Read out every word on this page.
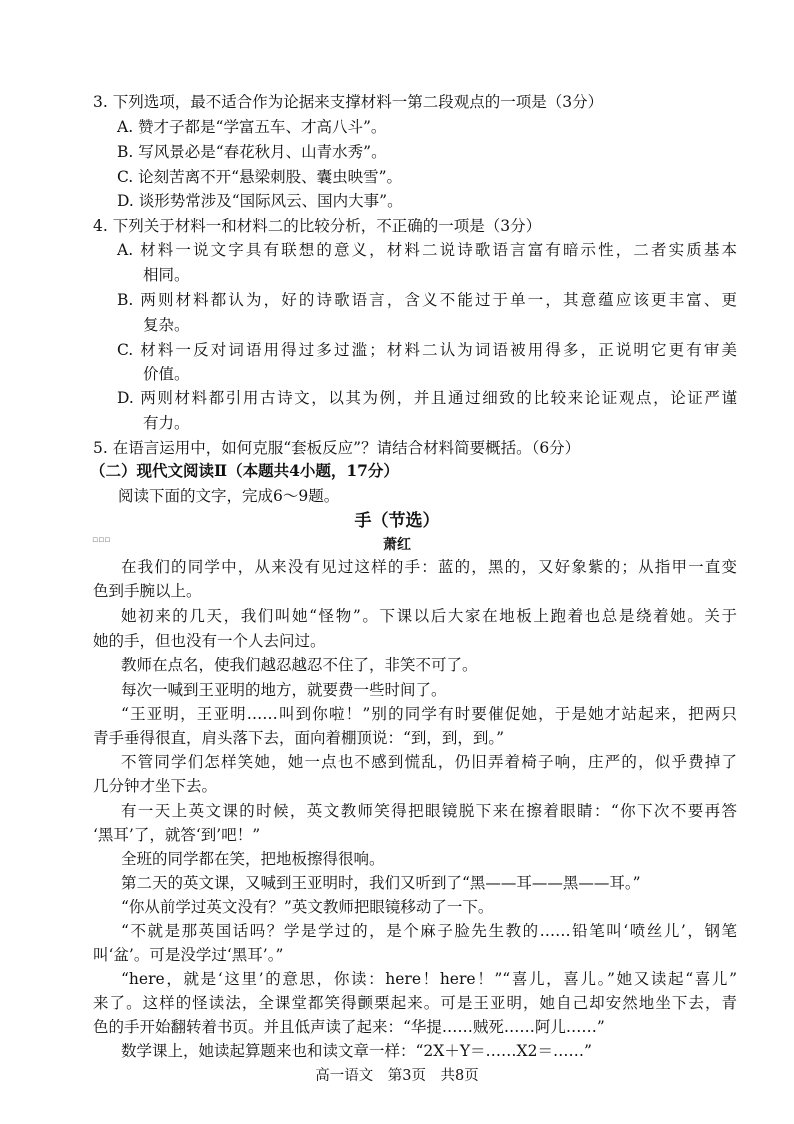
3. 下列选项，最不适合作为论据来支撑材料一第二段观点的一项是（3分）
A. 赞才子都是“学富五车、才高八斗”。
B. 写风景必是“春花秋月、山青水秀”。
C. 论刻苦离不开“悬梁刺股、囊虫映雪”。
D. 谈形势常涉及“国际风云、国内大事”。
4. 下列关于材料一和材料二的比较分析，不正确的一项是（3分）
A. 材料一说文字具有联想的意义，材料二说诗歌语言富有暗示性，二者实质基本
相同。
B. 两则材料都认为，好的诗歌语言，含义不能过于单一，其意蕴应该更丰富、更
复杂。
C. 材料一反对词语用得过多过滥；材料二认为词语被用得多，正说明它更有审美
价值。
D. 两则材料都引用古诗文，以其为例，并且通过细致的比较来论证观点，论证严谨
有力。
5. 在语言运用中，如何克服“套板反应”？请结合材料简要概括。（6分）
（二）现代文阅读Ⅱ（本题共4小题，17分）
阅读下面的文字，完成6～9题。
手（节选）
萧红
▫▫▫
在我们的同学中，从来没有见过这样的手：蓝的，黑的，又好象紫的；从指甲一直变
色到手腕以上。
她初来的几天，我们叫她“怪物”。下课以后大家在地板上跑着也总是绕着她。关于
她的手，但也没有一个人去问过。
教师在点名，使我们越忍越忍不住了，非笑不可了。
每次一喊到王亚明的地方，就要费一些时间了。
“王亚明，王亚明……叫到你啦！”别的同学有时要催促她，于是她才站起来，把两只
青手垂得很直，肩头落下去，面向着棚顶说：“到，到，到。”
不管同学们怎样笑她，她一点也不感到慌乱，仍旧弄着椅子响，庄严的，似乎费掉了
几分钟才坐下去。
有一天上英文课的时候，英文教师笑得把眼镜脱下来在擦着眼睛：“你下次不要再答
‘黑耳’了，就答‘到’吧！”
全班的同学都在笑，把地板擦得很响。
第二天的英文课，又喊到王亚明时，我们又听到了“黑——耳——黑——耳。”
“你从前学过英文没有？”英文教师把眼镜移动了一下。
“不就是那英国话吗？学是学过的，是个麻子脸先生教的……铅笔叫‘喷丝儿’，钢笔
叫‘盆’。可是没学过‘黑耳’。”
“here，就是‘这里’的意思，你读：here！here！”“喜儿，喜儿。”她又读起“喜儿”
来了。这样的怪读法，全课堂都笑得颤栗起来。可是王亚明，她自己却安然地坐下去，青
色的手开始翻转着书页。并且低声读了起来：“华提……贼死……阿儿……”
数学课上，她读起算题来也和读文章一样：“2X＋Y＝……X2＝……”
高一语文　第3页　共8页
